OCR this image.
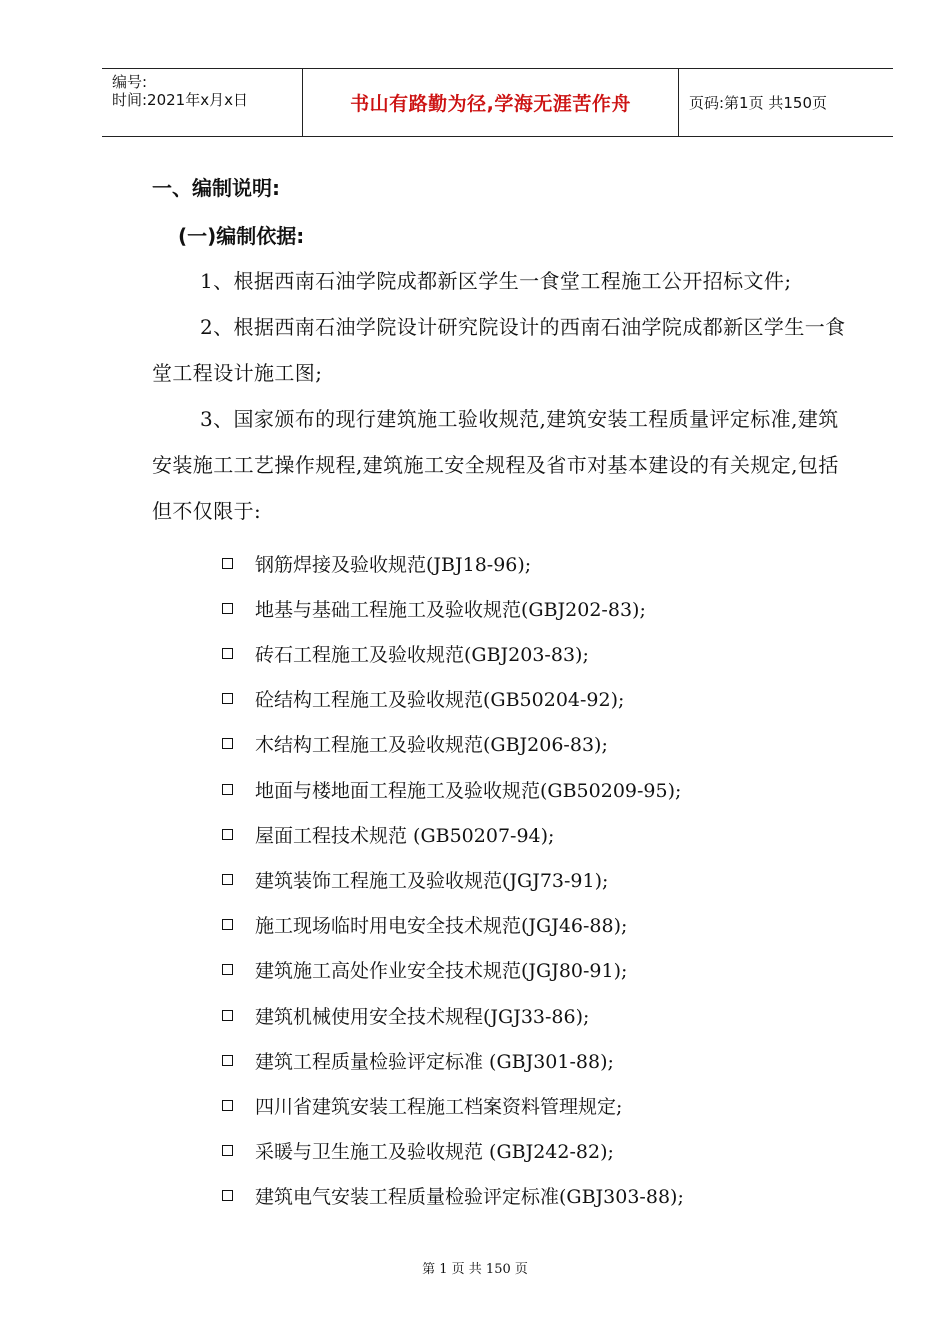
编号:
时间:2021年x月x日	书山有路勤为径,学海无涯苦作舟	页码:第1页 共150页
一、编制说明:
(一)编制依据:
1、根据西南石油学院成都新区学生一食堂工程施工公开招标文件;
2、根据西南石油学院设计研究院设计的西南石油学院成都新区学生一食堂工程设计施工图;
3、国家颁布的现行建筑施工验收规范,建筑安装工程质量评定标准,建筑安装施工工艺操作规程,建筑施工安全规程及省市对基本建设的有关规定,包括但不仅限于:
钢筋焊接及验收规范(JBJ18-96);
地基与基础工程施工及验收规范(GBJ202-83);
砖石工程施工及验收规范(GBJ203-83);
砼结构工程施工及验收规范(GB50204-92);
木结构工程施工及验收规范(GBJ206-83);
地面与楼地面工程施工及验收规范(GB50209-95);
屋面工程技术规范 (GB50207-94);
建筑装饰工程施工及验收规范(JGJ73-91);
施工现场临时用电安全技术规范(JGJ46-88);
建筑施工高处作业安全技术规范(JGJ80-91);
建筑机械使用安全技术规程(JGJ33-86);
建筑工程质量检验评定标准 (GBJ301-88);
四川省建筑安装工程施工档案资料管理规定;
采暖与卫生施工及验收规范 (GBJ242-82);
建筑电气安装工程质量检验评定标准(GBJ303-88);
第 1 页 共 150 页
